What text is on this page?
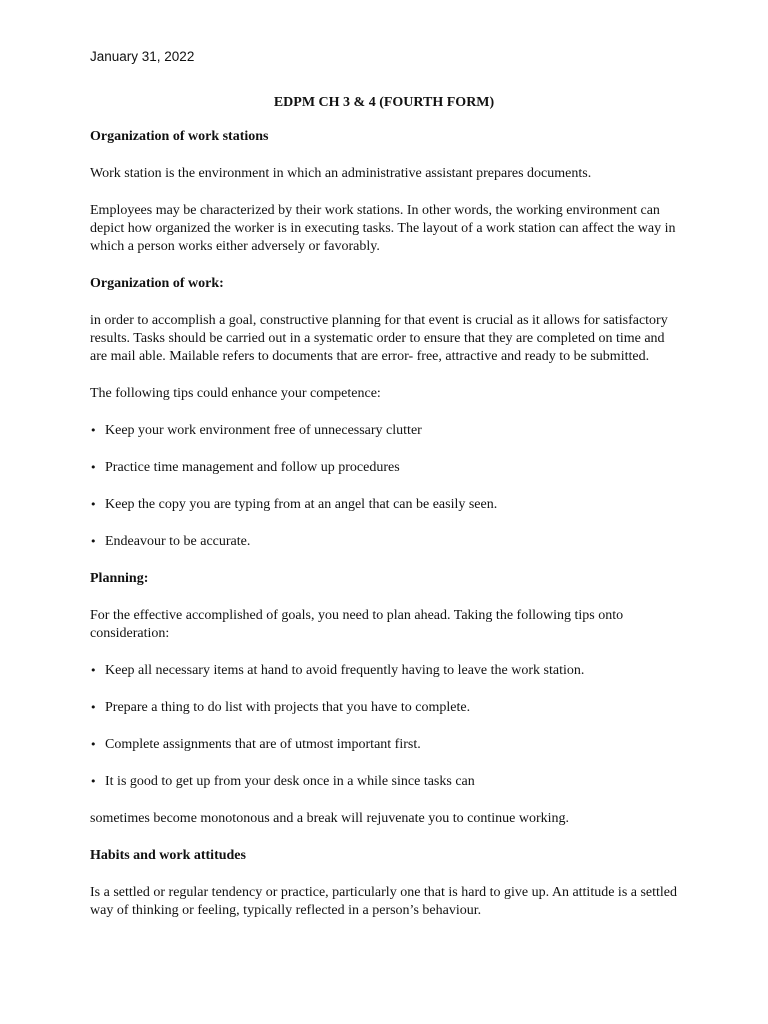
January 31, 2022
EDPM CH 3 & 4 (FOURTH FORM)

Organization of work stations

Work station is the environment in which an administrative assistant prepares documents.

Employees may be characterized by their work stations. In other words, the working environment can depict how organized the worker is in executing tasks. The layout of a work station can affect the way in which a person works either adversely or favorably.

Organization of work:

in order to accomplish a goal, constructive planning for that event is crucial as it allows for satisfactory results. Tasks should be carried out in a systematic order to ensure that they are completed on time and are mail able. Mailable refers to documents that are error- free, attractive and ready to be submitted.

The following tips could enhance your competence:

• Keep your work environment free of unnecessary clutter
• Practice time management and follow up procedures
• Keep the copy you are typing from at an angel that can be easily seen.
• Endeavour to be accurate.

Planning:

For the effective accomplished of goals, you need to plan ahead. Taking the following tips onto consideration:

• Keep all necessary items at hand to avoid frequently having to leave the work station.
• Prepare a thing to do list with projects that you have to complete.
• Complete assignments that are of utmost important first.
• It is good to get up from your desk once in a while since tasks can

sometimes become monotonous and a break will rejuvenate you to continue working.

Habits and work attitudes

Is a settled or regular tendency or practice, particularly one that is hard to give up. An attitude is a settled way of thinking or feeling, typically reflected in a person’s behaviour.
